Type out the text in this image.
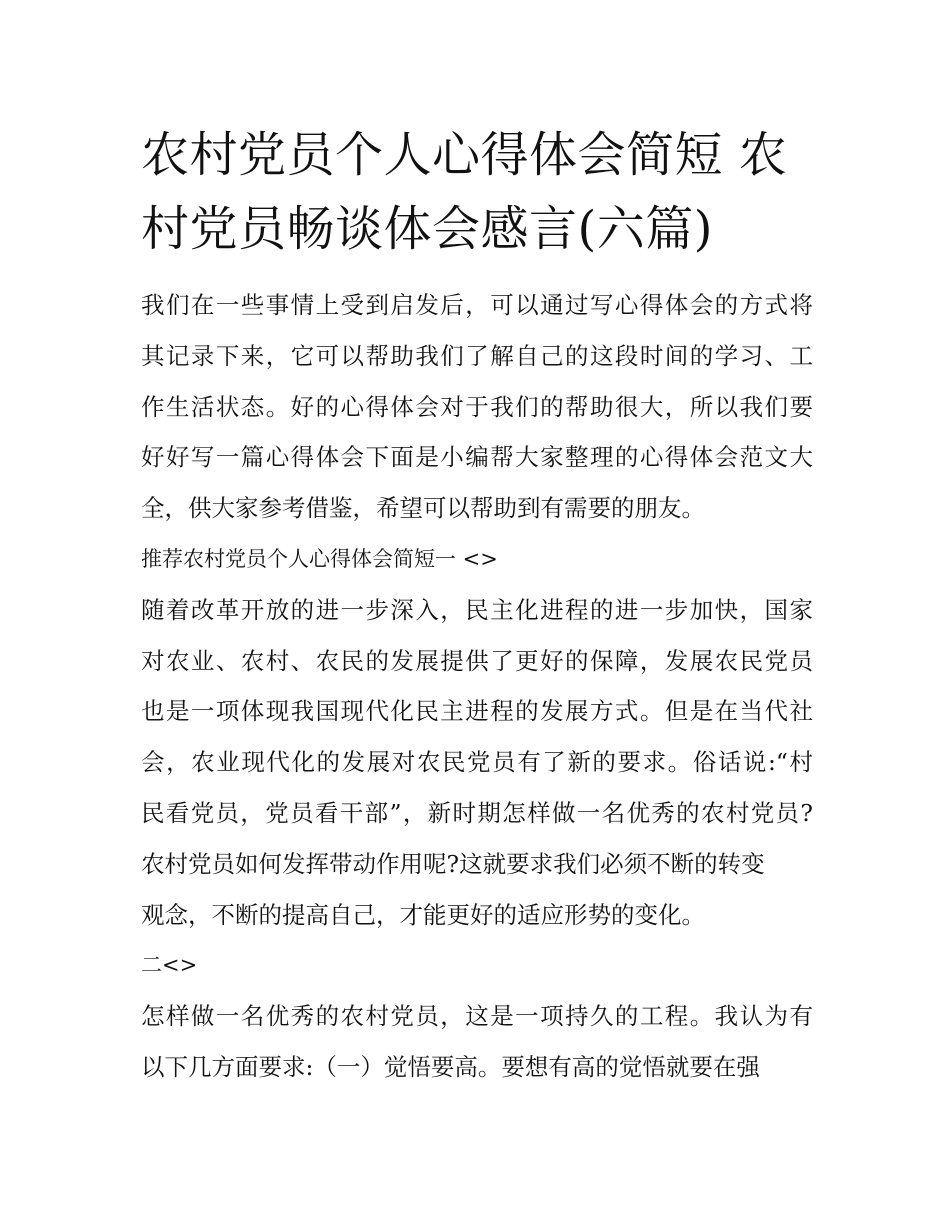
农村党员个人心得体会简短 农
村党员畅谈体会感言(六篇)
我们在一些事情上受到启发后，可以通过写心得体会的方式将
其记录下来，它可以帮助我们了解自己的这段时间的学习、工
作生活状态。好的心得体会对于我们的帮助很大，所以我们要
好好写一篇心得体会下面是小编帮大家整理的心得体会范文大
全，供大家参考借鉴，希望可以帮助到有需要的朋友。
推荐农村党员个人心得体会简短一 <>
随着改革开放的进一步深入，民主化进程的进一步加快，国家
对农业、农村、农民的发展提供了更好的保障，发展农民党员
也是一项体现我国现代化民主进程的发展方式。但是在当代社
会，农业现代化的发展对农民党员有了新的要求。俗话说:“村
民看党员，党员看干部”，新时期怎样做一名优秀的农村党员?
农村党员如何发挥带动作用呢?这就要求我们必须不断的转变
观念，不断的提高自己，才能更好的适应形势的变化。
二<>
怎样做一名优秀的农村党员，这是一项持久的工程。我认为有
以下几方面要求:（一）觉悟要高。要想有高的觉悟就要在强
